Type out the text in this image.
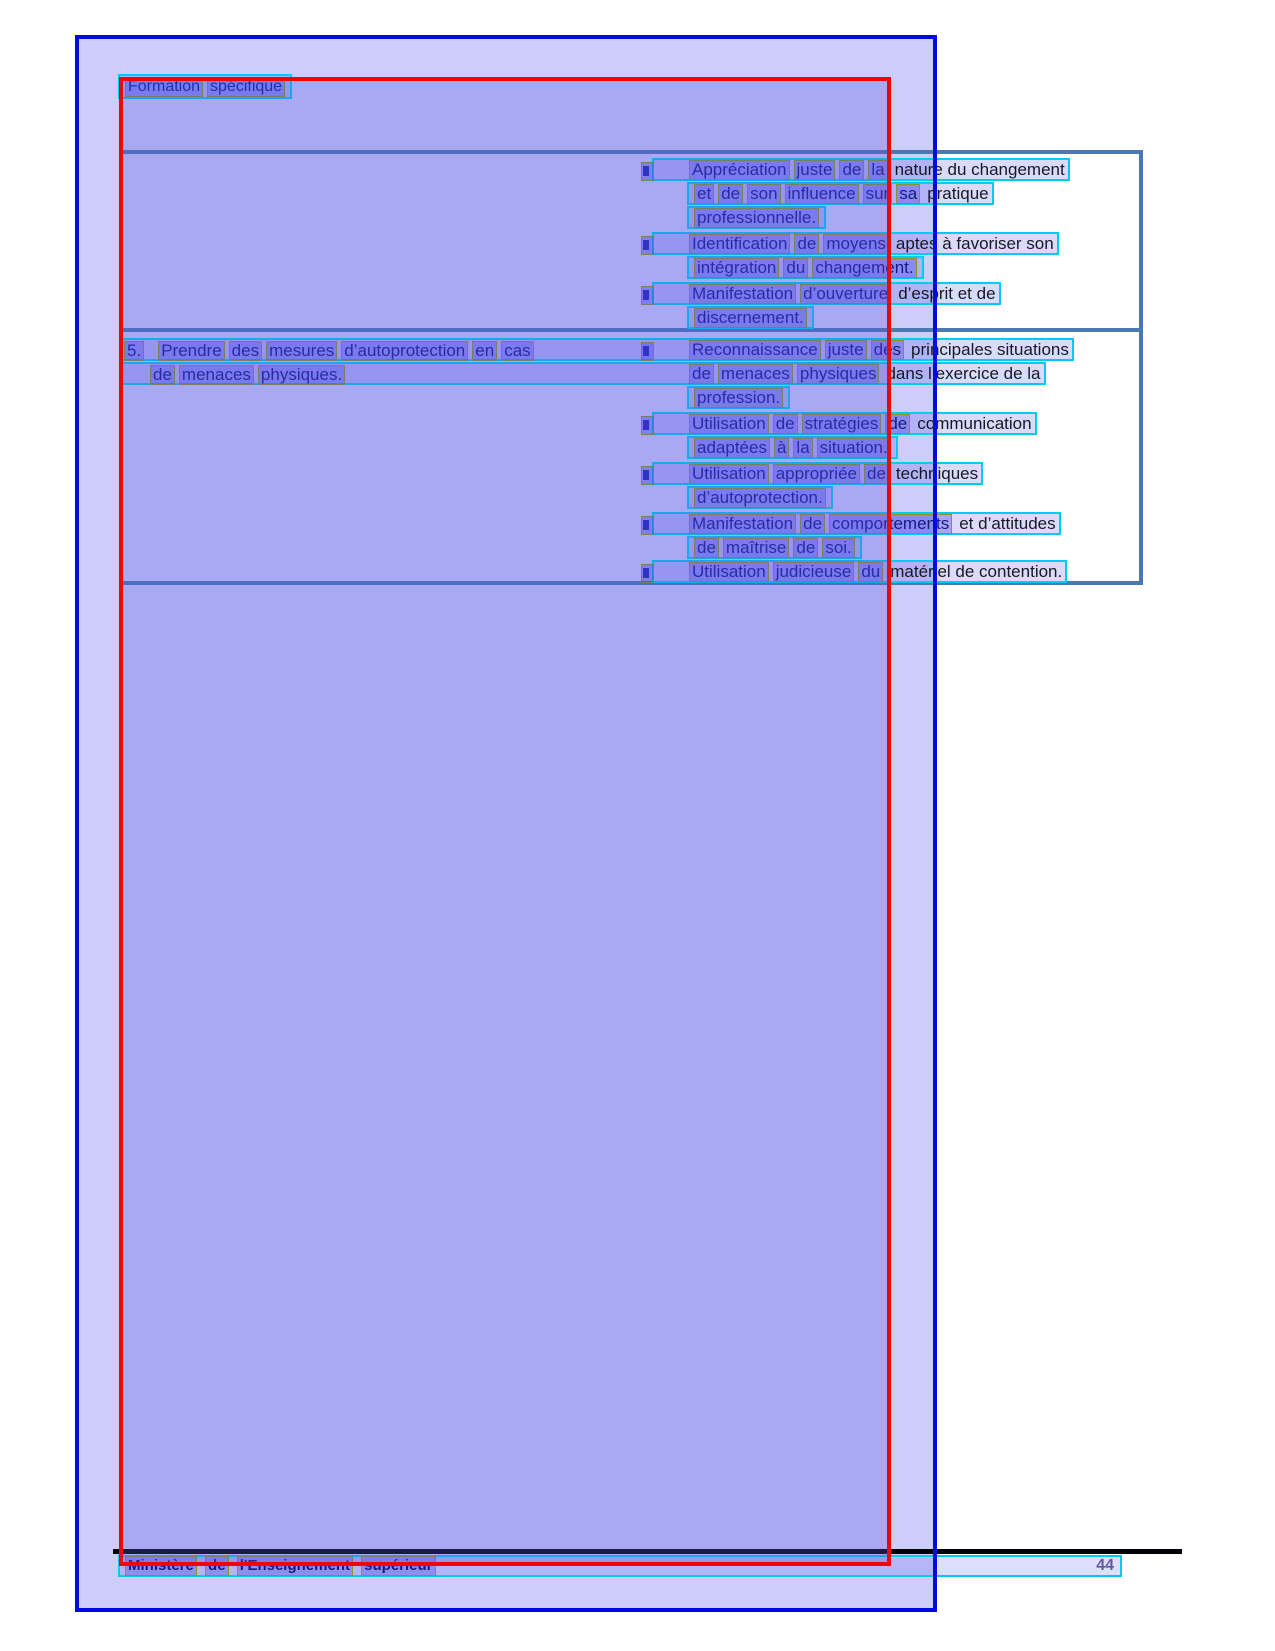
Formation spécifique
Reconnaissance juste des principales situations
de menaces physiques dans l’exercice de la
5. Prendre des mesures d’autoprotection en cas
de menaces physiques.
Appréciation juste de la nature du changement
et de son influence sur sa pratique
professionnelle.
Identification de moyens aptes à favoriser son
intégration du changement.
Manifestation d’ouverture d’esprit et de
discernement.
profession.
Utilisation de stratégies de communication
adaptées à la situation.
Utilisation appropriée de techniques
d’autoprotection.
Manifestation de comportements et d’attitudes
de maîtrise de soi.
Utilisation judicieuse du matériel de contention.
Ministère de l'Enseignement supérieur	44
